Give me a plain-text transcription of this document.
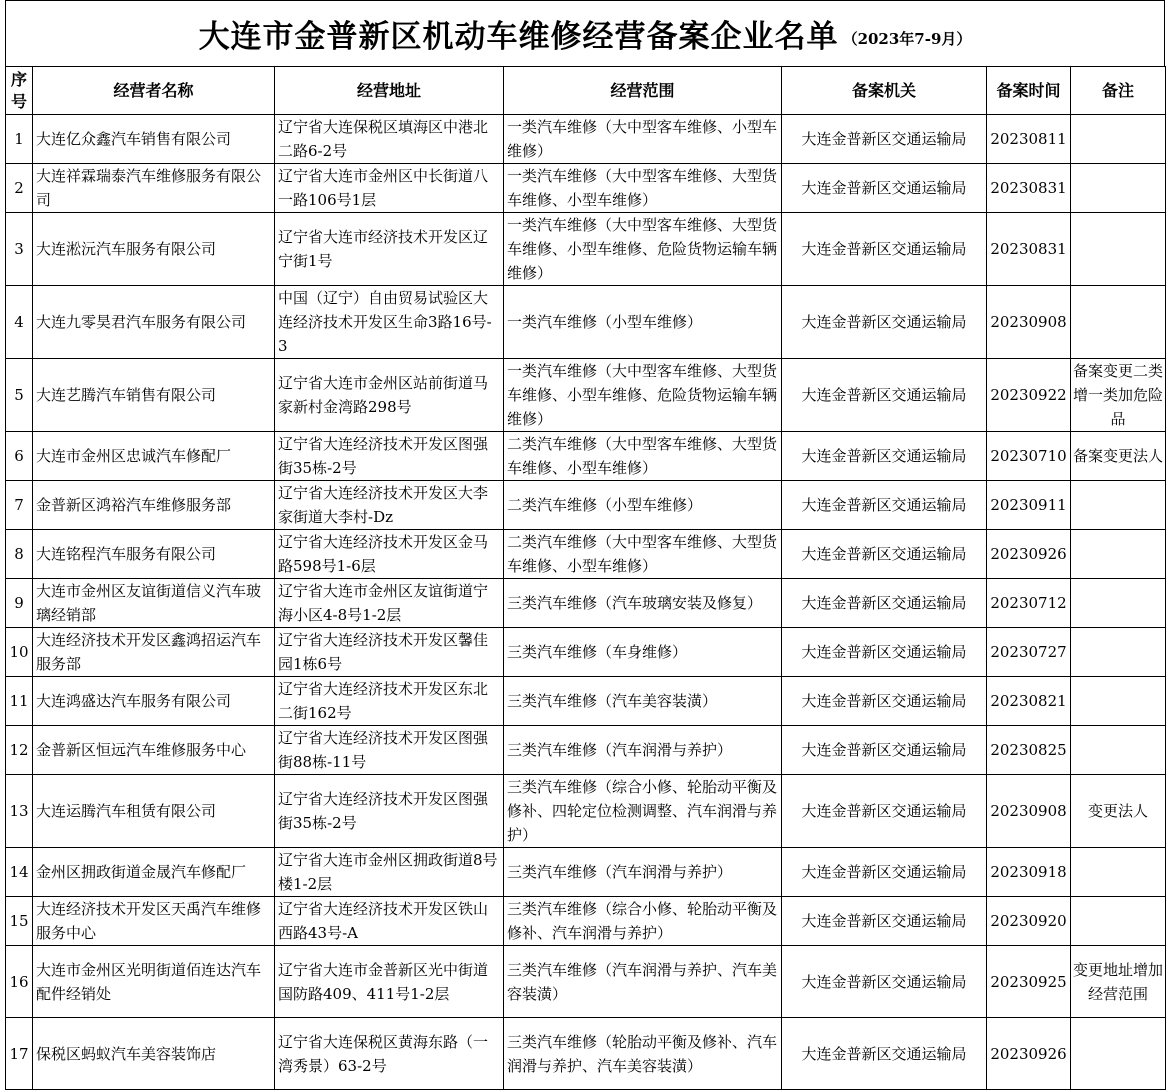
大连市金普新区机动车维修经营备案企业名单 （2023年7-9月）
序号	经营者名称	经营地址	经营范围	备案机关	备案时间	备注
1	大连亿众鑫汽车销售有限公司	辽宁省大连保税区填海区中港北二路6-2号	一类汽车维修（大中型客车维修、小型车维修）	大连金普新区交通运输局	20230811	
2	大连祥霖瑞泰汽车维修服务有限公司	辽宁省大连市金州区中长街道八一路106号1层	一类汽车维修（大中型客车维修、大型货车维修、小型车维修）	大连金普新区交通运输局	20230831	
3	大连淞沅汽车服务有限公司	辽宁省大连市经济技术开发区辽宁街1号	一类汽车维修（大中型客车维修、大型货车维修、小型车维修、危险货物运输车辆维修）	大连金普新区交通运输局	20230831	
4	大连九零昊君汽车服务有限公司	中国（辽宁）自由贸易试验区大连经济技术开发区生命3路16号-3	一类汽车维修（小型车维修）	大连金普新区交通运输局	20230908	
5	大连艺腾汽车销售有限公司	辽宁省大连市金州区站前街道马家新村金湾路298号	一类汽车维修（大中型客车维修、大型货车维修、小型车维修、危险货物运输车辆维修）	大连金普新区交通运输局	20230922	备案变更二类增一类加危险品
6	大连市金州区忠诚汽车修配厂	辽宁省大连经济技术开发区图强街35栋-2号	二类汽车维修（大中型客车维修、大型货车维修、小型车维修）	大连金普新区交通运输局	20230710	备案变更法人
7	金普新区鸿裕汽车维修服务部	辽宁省大连经济技术开发区大李家街道大李村-Dz	二类汽车维修（小型车维修）	大连金普新区交通运输局	20230911	
8	大连铭程汽车服务有限公司	辽宁省大连经济技术开发区金马路598号1-6层	二类汽车维修（大中型客车维修、大型货车维修、小型车维修）	大连金普新区交通运输局	20230926	
9	大连市金州区友谊街道信义汽车玻璃经销部	辽宁省大连市金州区友谊街道宁海小区4-8号1-2层	三类汽车维修（汽车玻璃安装及修复）	大连金普新区交通运输局	20230712	
10	大连经济技术开发区鑫鸿招运汽车服务部	辽宁省大连经济技术开发区馨佳园1栋6号	三类汽车维修（车身维修）	大连金普新区交通运输局	20230727	
11	大连鸿盛达汽车服务有限公司	辽宁省大连经济技术开发区东北二街162号	三类汽车维修（汽车美容装潢）	大连金普新区交通运输局	20230821	
12	金普新区恒远汽车维修服务中心	辽宁省大连经济技术开发区图强街88栋-11号	三类汽车维修（汽车润滑与养护）	大连金普新区交通运输局	20230825	
13	大连运腾汽车租赁有限公司	辽宁省大连经济技术开发区图强街35栋-2号	三类汽车维修（综合小修、轮胎动平衡及修补、四轮定位检测调整、汽车润滑与养护）	大连金普新区交通运输局	20230908	变更法人
14	金州区拥政街道金晟汽车修配厂	辽宁省大连市金州区拥政街道8号楼1-2层	三类汽车维修（汽车润滑与养护）	大连金普新区交通运输局	20230918	
15	大连经济技术开发区天禹汽车维修服务中心	辽宁省大连经济技术开发区铁山西路43号-A	三类汽车维修（综合小修、轮胎动平衡及修补、汽车润滑与养护）	大连金普新区交通运输局	20230920	
16	大连市金州区光明街道佰连达汽车配件经销处	辽宁省大连市金普新区光中街道国防路409、411号1-2层	三类汽车维修（汽车润滑与养护、汽车美容装潢）	大连金普新区交通运输局	20230925	变更地址增加经营范围
17	保税区蚂蚁汽车美容装饰店	辽宁省大连保税区黄海东路（一湾秀景）63-2号	三类汽车维修（轮胎动平衡及修补、汽车润滑与养护、汽车美容装潢）	大连金普新区交通运输局	20230926	
